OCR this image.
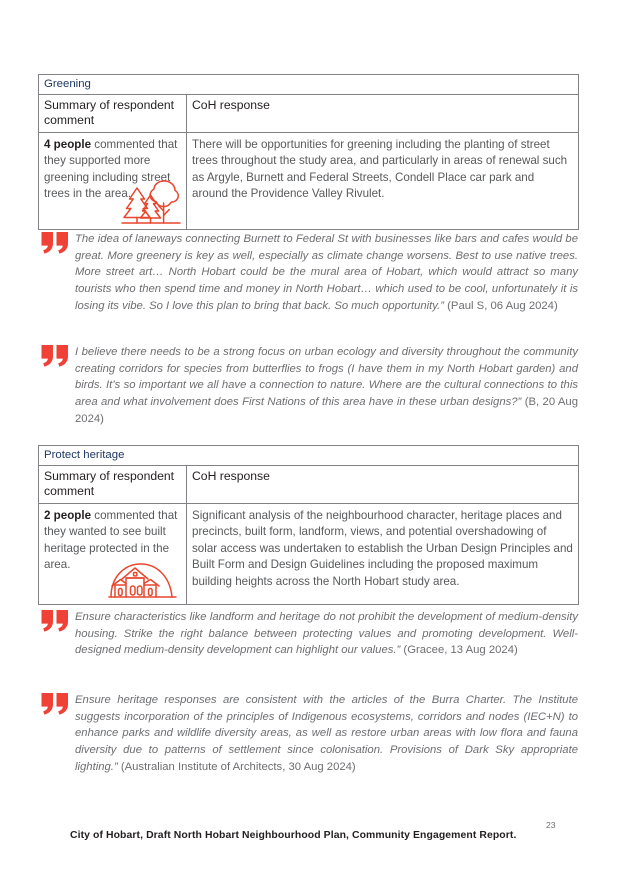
Greening	
Summary of respondent comment	CoH response
4 people commented that they supported more greening including street trees in the area.	There will be opportunities for greening including the planting of street trees throughout the study area, and particularly in areas of renewal such as Argyle, Burnett and Federal Streets, Condell Place car park and around the Providence Valley Rivulet.
The idea of laneways connecting Burnett to Federal St with businesses like bars and cafes would be great. More greenery is key as well, especially as climate change worsens. Best to use native trees. More street art… North Hobart could be the mural area of Hobart, which would attract so many tourists who then spend time and money in North Hobart… which used to be cool, unfortunately it is losing its vibe. So I love this plan to bring that back. So much opportunity.” (Paul S, 06 Aug 2024)
I believe there needs to be a strong focus on urban ecology and diversity throughout the community creating corridors for species from butterflies to frogs (I have them in my North Hobart garden) and birds. It’s so important we all have a connection to nature. Where are the cultural connections to this area and what involvement does First Nations of this area have in these urban designs?” (B, 20 Aug 2024)
Protect heritage	
Summary of respondent comment	CoH response
2 people commented that they wanted to see built heritage protected in the area.	Significant analysis of the neighbourhood character, heritage places and precincts, built form, landform, views, and potential overshadowing of solar access was undertaken to establish the Urban Design Principles and Built Form and Design Guidelines including the proposed maximum building heights across the North Hobart study area.
Ensure characteristics like landform and heritage do not prohibit the development of medium-density housing. Strike the right balance between protecting values and promoting development. Well-designed medium-density development can highlight our values.” (Gracee, 13 Aug 2024)
Ensure heritage responses are consistent with the articles of the Burra Charter. The Institute suggests incorporation of the principles of Indigenous ecosystems, corridors and nodes (IEC+N) to enhance parks and wildlife diversity areas, as well as restore urban areas with low flora and fauna diversity due to patterns of settlement since colonisation. Provisions of Dark Sky appropriate lighting.” (Australian Institute of Architects, 30 Aug 2024)
23
City of Hobart, Draft North Hobart Neighbourhood Plan, Community Engagement Report.
